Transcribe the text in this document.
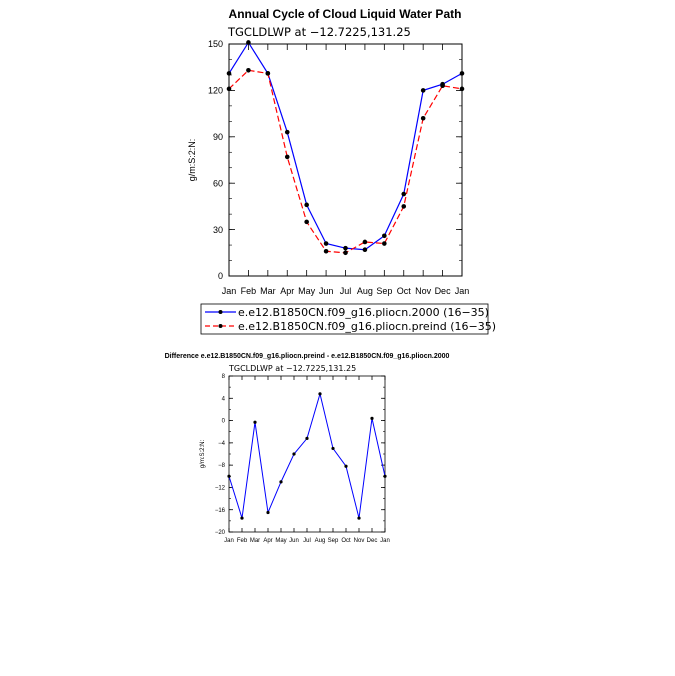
Annual Cycle of Cloud Liquid Water Path
TGCLDLWP at −12.7225,131.25
g/m:S:2:N:
0
30
60
90
120
150
Jan Feb Mar Apr May Jun Jul Aug Sep Oct Nov Dec Jan
e.e12.B1850CN.f09_g16.pliocn.2000 (16−35)
e.e12.B1850CN.f09_g16.pliocn.preind (16−35)
Difference e.e12.B1850CN.f09_g16.pliocn.preind - e.e12.B1850CN.f09_g16.pliocn.2000
TGCLDLWP at −12.7225,131.25
g/m:S:2:N:
−20
−16
−12
−8
−4
0
4
8
Jan Feb Mar Apr May Jun Jul Aug Sep Oct Nov Dec Jan
